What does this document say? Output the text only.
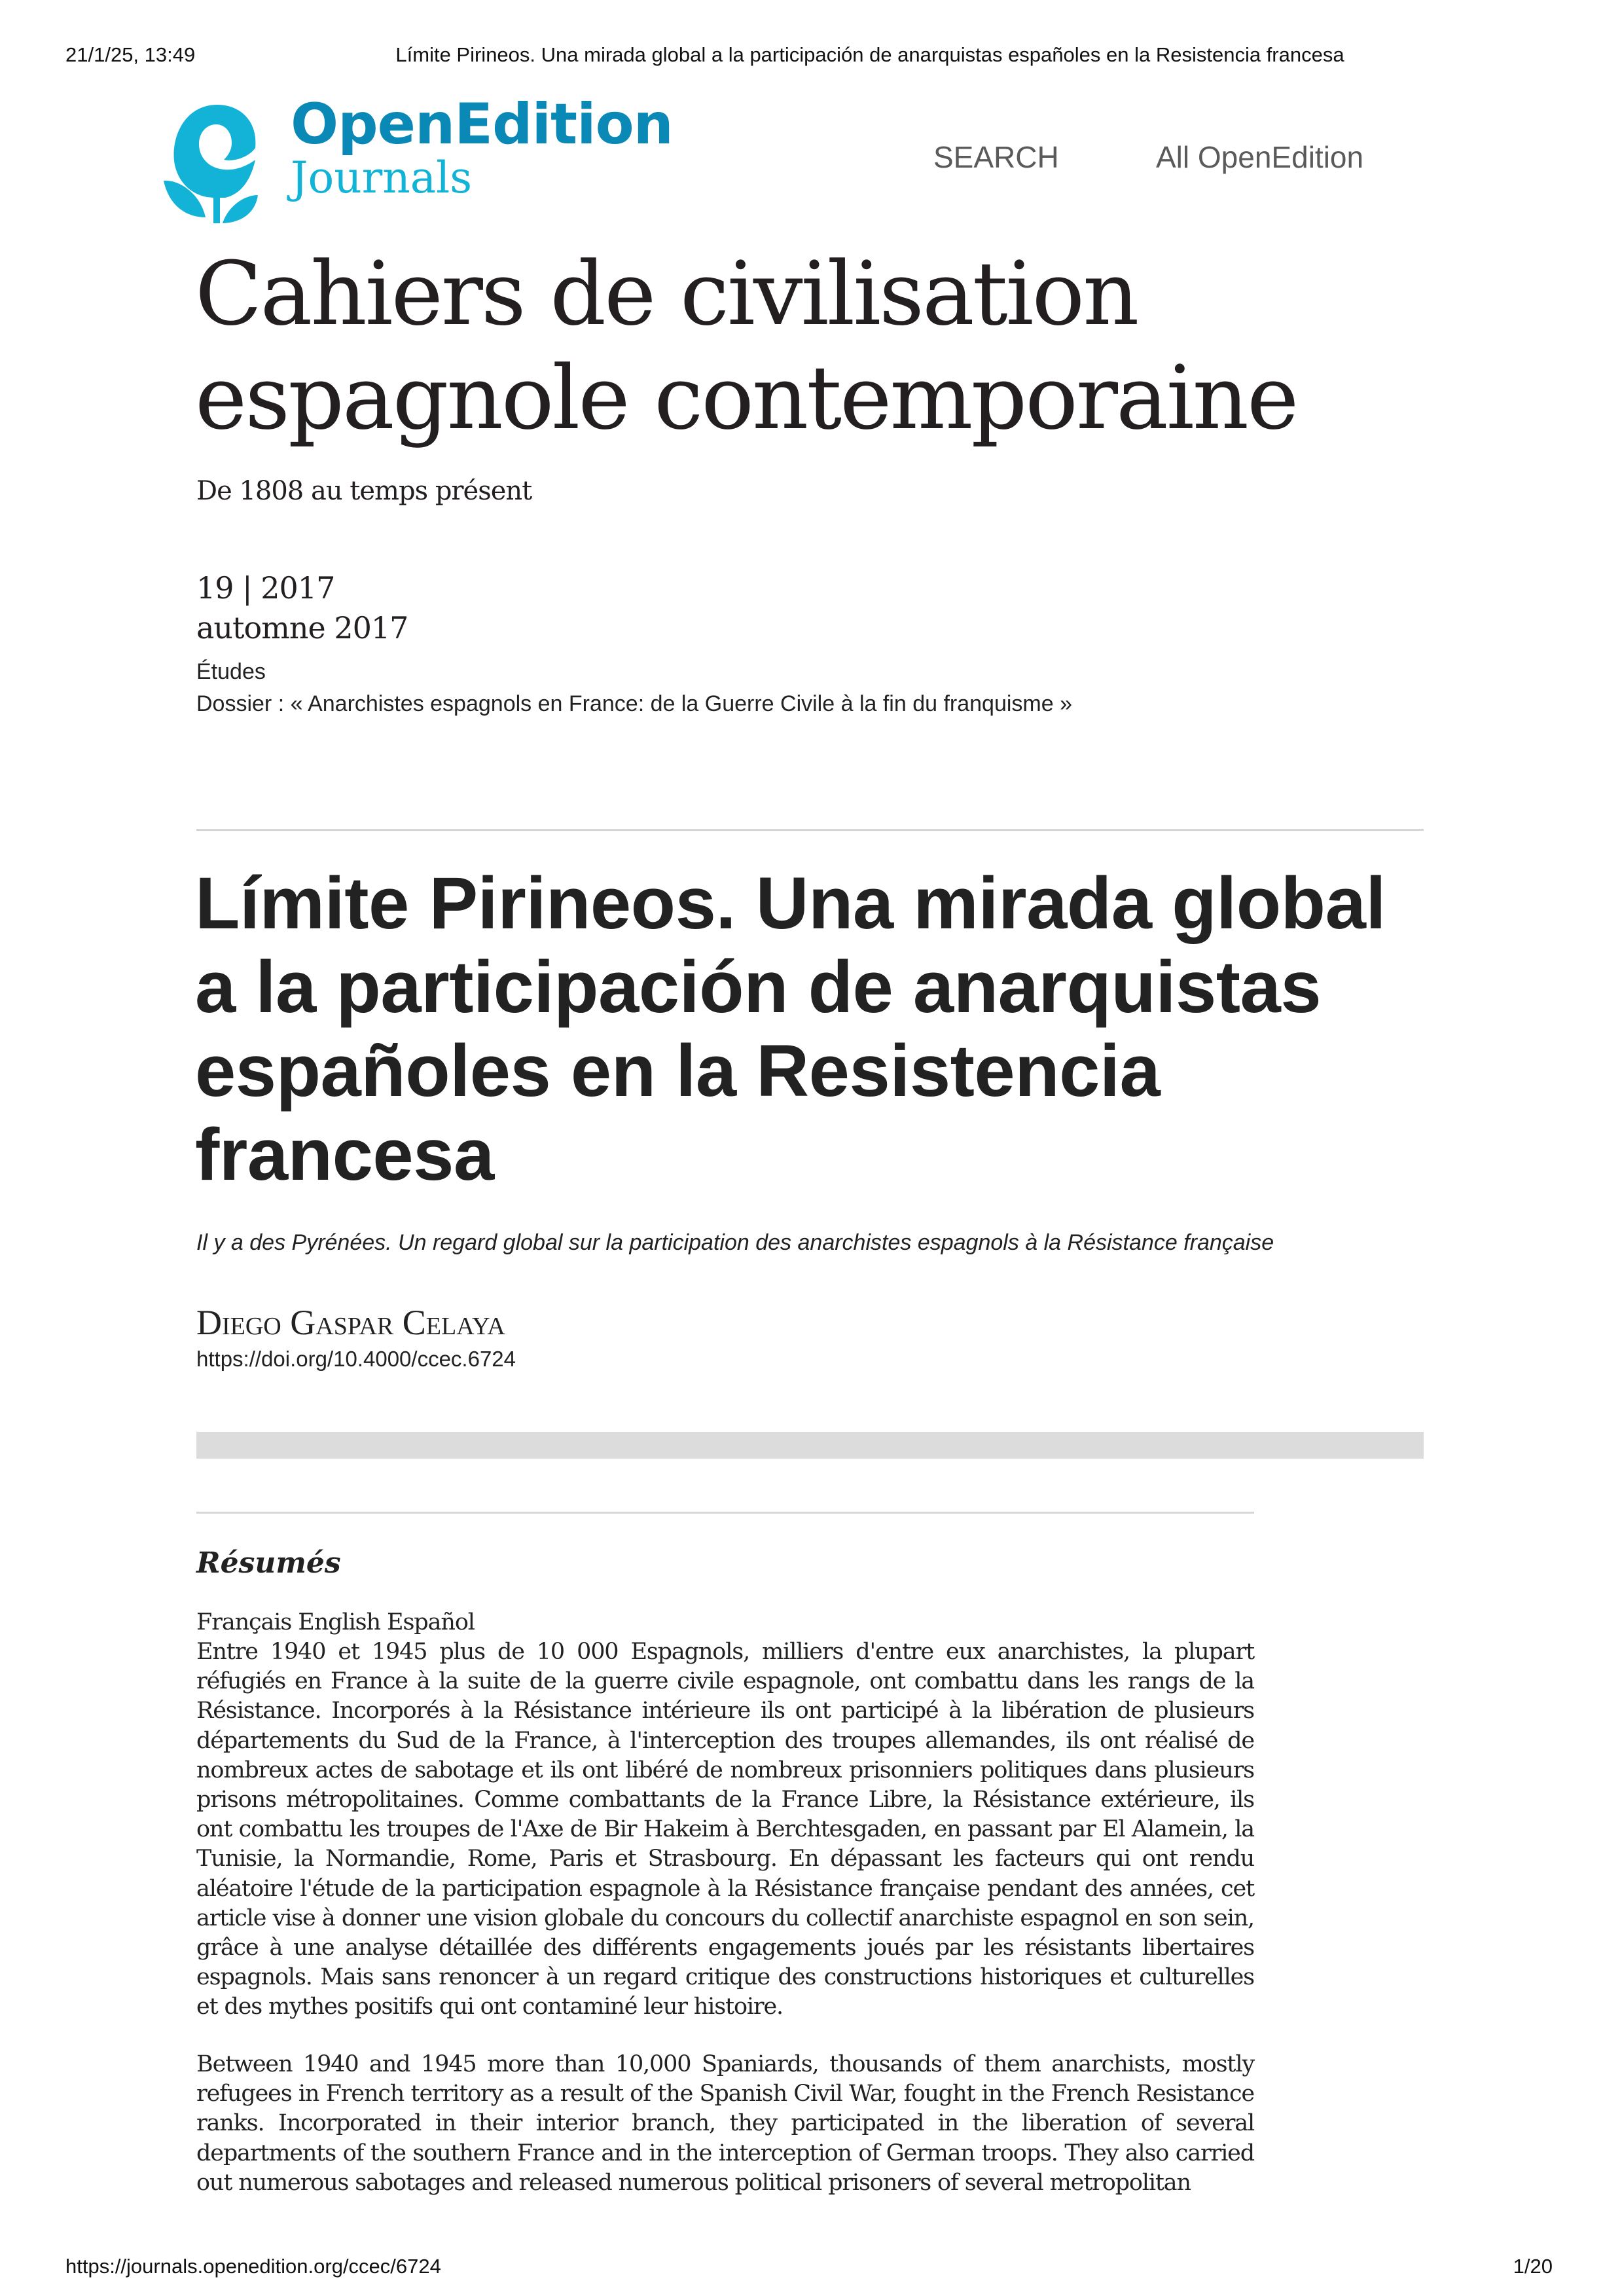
21/1/25, 13:49	Límite Pirineos. Una mirada global a la participación de anarquistas españoles en la Resistencia francesa
OpenEdition
Journals	SEARCH	All OpenEdition
Cahiers de civilisation espagnole contemporaine
De 1808 au temps présent
19 | 2017
automne 2017
Études
Dossier : « Anarchistes espagnols en France: de la Guerre Civile à la fin du franquisme »
Límite Pirineos. Una mirada global a la participación de anarquistas españoles en la Resistencia francesa
Il y a des Pyrénées. Un regard global sur la participation des anarchistes espagnols à la Résistance française
Diego Gaspar Celaya
https://doi.org/10.4000/ccec.6724
Résumés
Français English Español

Entre 1940 et 1945 plus de 10 000 Espagnols, milliers d'entre eux anarchistes, la plupart réfugiés en France à la suite de la guerre civile espagnole, ont combattu dans les rangs de la Résistance. Incorporés à la Résistance intérieure ils ont participé à la libération de plusieurs départements du Sud de la France, à l'interception des troupes allemandes, ils ont réalisé de nombreux actes de sabotage et ils ont libéré de nombreux prisonniers politiques dans plusieurs prisons métropolitaines. Comme combattants de la France Libre, la Résistance extérieure, ils ont combattu les troupes de l'Axe de Bir Hakeim à Berchtesgaden, en passant par El Alamein, la Tunisie, la Normandie, Rome, Paris et Strasbourg. En dépassant les facteurs qui ont rendu aléatoire l'étude de la participation espagnole à la Résistance française pendant des années, cet article vise à donner une vision globale du concours du collectif anarchiste espagnol en son sein, grâce à une analyse détaillée des différents engagements joués par les résistants libertaires espagnols. Mais sans renoncer à un regard critique des constructions historiques et culturelles et des mythes positifs qui ont contaminé leur histoire.

Between 1940 and 1945 more than 10,000 Spaniards, thousands of them anarchists, mostly refugees in French territory as a result of the Spanish Civil War, fought in the French Resistance ranks. Incorporated in their interior branch, they participated in the liberation of several departments of the southern France and in the interception of German troops. They also carried out numerous sabotages and released numerous political prisoners of several metropolitan

https://journals.openedition.org/ccec/6724	1/20
